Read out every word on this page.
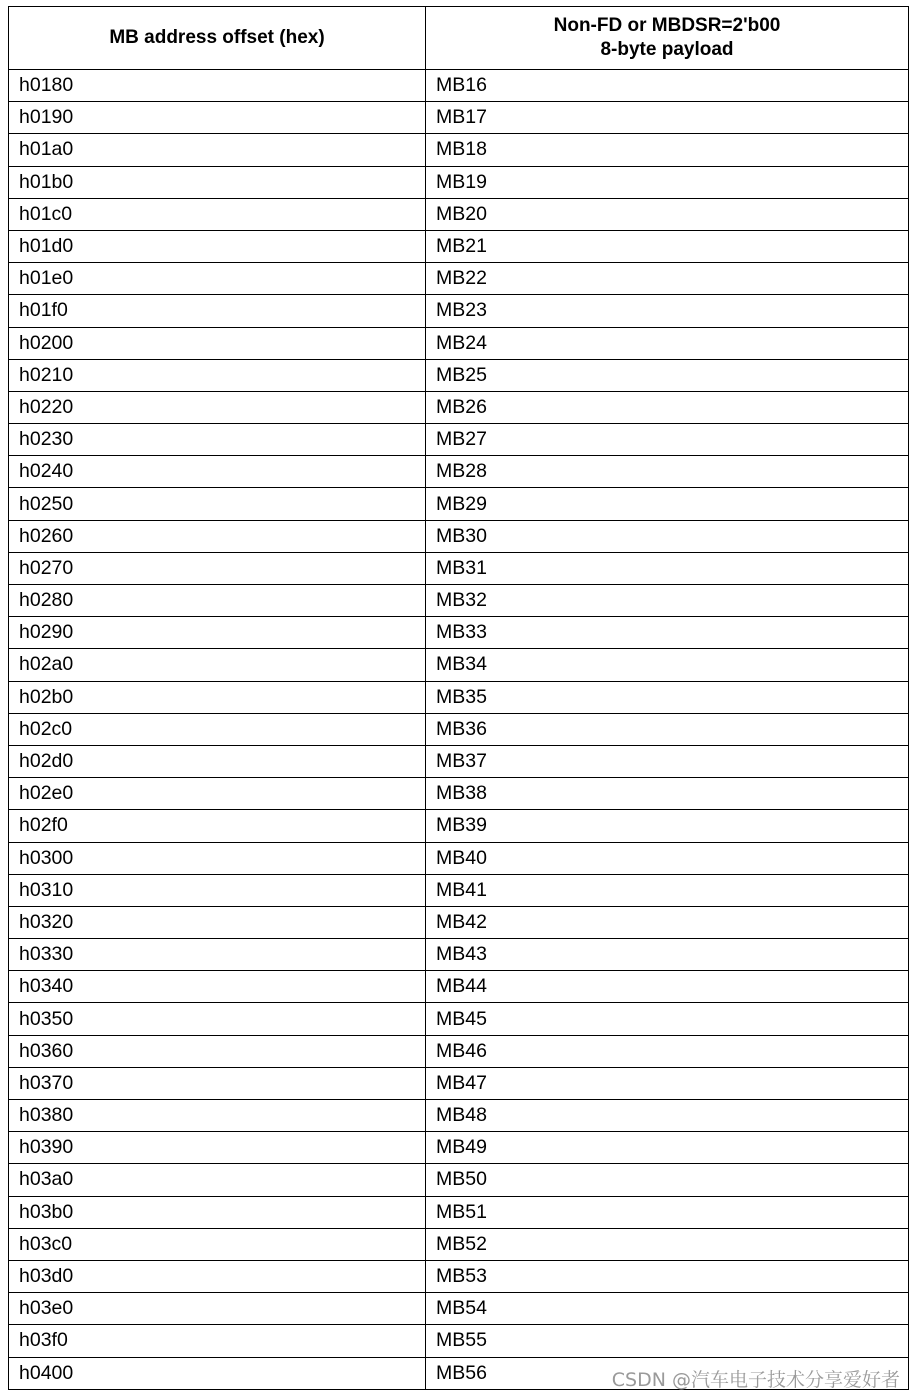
MB address offset (hex)	Non-FD or MBDSR=2'b00
8-byte payload

h0180	MB16
h0190	MB17
h01a0	MB18
h01b0	MB19
h01c0	MB20
h01d0	MB21
h01e0	MB22
h01f0	MB23
h0200	MB24
h0210	MB25
h0220	MB26
h0230	MB27
h0240	MB28
h0250	MB29
h0260	MB30
h0270	MB31
h0280	MB32
h0290	MB33
h02a0	MB34
h02b0	MB35
h02c0	MB36
h02d0	MB37
h02e0	MB38
h02f0	MB39
h0300	MB40
h0310	MB41
h0320	MB42
h0330	MB43
h0340	MB44
h0350	MB45
h0360	MB46
h0370	MB47
h0380	MB48
h0390	MB49
h03a0	MB50
h03b0	MB51
h03c0	MB52
h03d0	MB53
h03e0	MB54
h03f0	MB55
h0400	MB56	CSDN @汽车电子技术分享爱好者
